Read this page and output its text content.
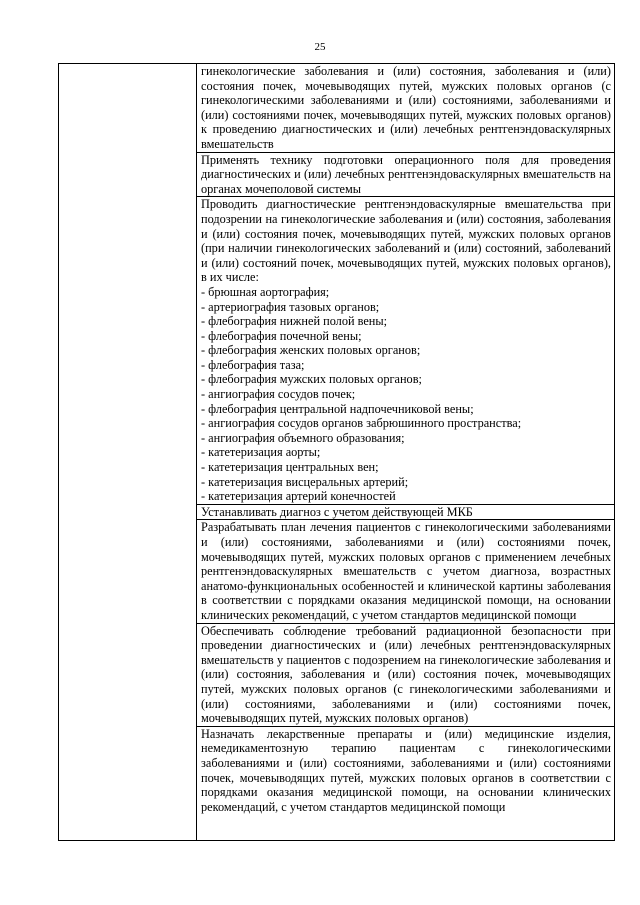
25

гинекологические заболевания и (или) состояния, заболевания и (или) состояния почек, мочевыводящих путей, мужских половых органов (с гинекологическими заболеваниями и (или) состояниями, заболеваниями и (или) состояниями почек, мочевыводящих путей, мужских половых органов) к проведению диагностических и (или) лечебных рентгенэндоваскулярных вмешательств

Применять технику подготовки операционного поля для проведения диагностических и (или) лечебных рентгенэндоваскулярных вмешательств на органах мочеполовой системы

Проводить диагностические рентгенэндоваскулярные вмешательства при подозрении на гинекологические заболевания и (или) состояния, заболевания и (или) состояния почек, мочевыводящих путей, мужских половых органов (при наличии гинекологических заболеваний и (или) состояний, заболеваний и (или) состояний почек, мочевыводящих путей, мужских половых органов), в их числе:

- брюшная аортография;
- артериография тазовых органов;
- флебография нижней полой вены;
- флебография почечной вены;
- флебография женских половых органов;
- флебография таза;
- флебография мужских половых органов;
- ангиография сосудов почек;
- флебография центральной надпочечниковой вены;
- ангиография сосудов органов забрюшинного пространства;
- ангиография объемного образования;
- катетеризация аорты;
- катетеризация центральных вен;
- катетеризация висцеральных артерий;
- катетеризация артерий конечностей

Устанавливать диагноз с учетом действующей МКБ

Разрабатывать план лечения пациентов с гинекологическими заболеваниями и (или) состояниями, заболеваниями и (или) состояниями почек, мочевыводящих путей, мужских половых органов с применением лечебных рентгенэндоваскулярных вмешательств с учетом диагноза, возрастных анатомо-функциональных особенностей и клинической картины заболевания в соответствии с порядками оказания медицинской помощи, на основании клинических рекомендаций, с учетом стандартов медицинской помощи

Обеспечивать соблюдение требований радиационной безопасности при проведении диагностических и (или) лечебных рентгенэндоваскулярных вмешательств у пациентов с подозрением на гинекологические заболевания и (или) состояния, заболевания и (или) состояния почек, мочевыводящих путей, мужских половых органов (с гинекологическими заболеваниями и (или) состояниями, заболеваниями и (или) состояниями почек, мочевыводящих путей, мужских половых органов)

Назначать лекарственные препараты и (или) медицинские изделия, немедикаментозную терапию пациентам с гинекологическими заболеваниями и (или) состояниями, заболеваниями и (или) состояниями почек, мочевыводящих путей, мужских половых органов в соответствии с порядками оказания медицинской помощи, на основании клинических рекомендаций, с учетом стандартов медицинской помощи
